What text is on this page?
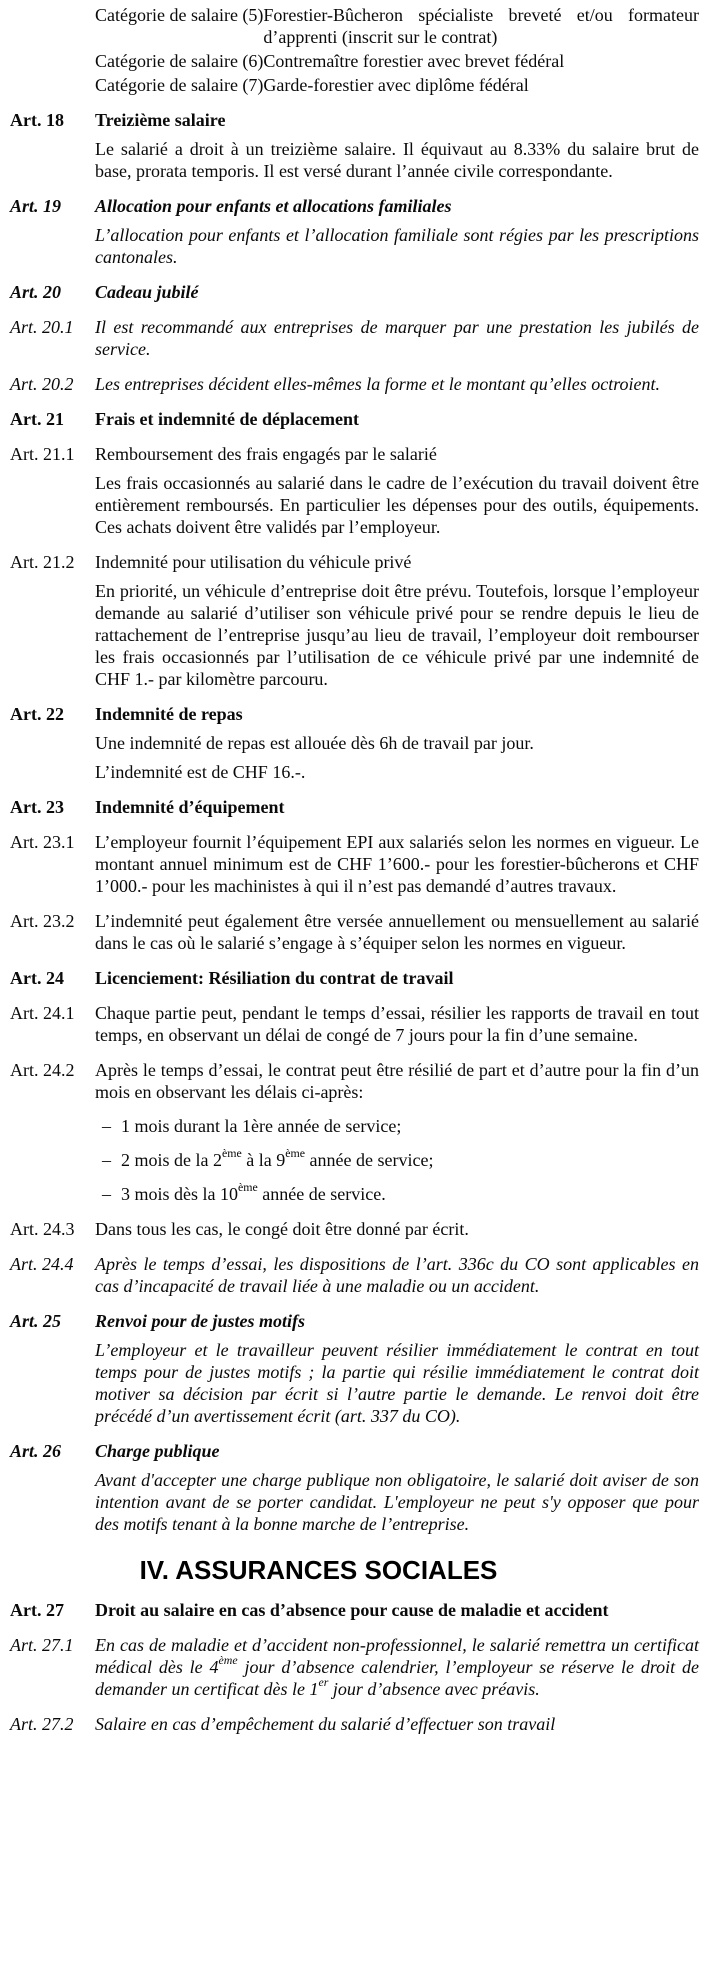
Catégorie de salaire (5) Forestier-Bûcheron spécialiste breveté et/ou formateur d’apprenti (inscrit sur le contrat)
Catégorie de salaire (6) Contremaître forestier avec brevet fédéral
Catégorie de salaire (7) Garde-forestier avec diplôme fédéral
Art. 18	Treizième salaire
Le salarié a droit à un treizième salaire. Il équivaut au 8.33% du salaire brut de base, prorata temporis. Il est versé durant l’année civile correspondante.
Art. 19	Allocation pour enfants et allocations familiales
L’allocation pour enfants et l’allocation familiale sont régies par les prescriptions cantonales.
Art. 20	Cadeau jubilé
Art. 20.1	Il est recommandé aux entreprises de marquer par une prestation les jubilés de service.
Art. 20.2	Les entreprises décident elles-mêmes la forme et le montant qu’elles octroient.
Art. 21	Frais et indemnité de déplacement
Art. 21.1	Remboursement des frais engagés par le salarié
Les frais occasionnés au salarié dans le cadre de l’exécution du travail doivent être entièrement remboursés. En particulier les dépenses pour des outils, équipements. Ces achats doivent être validés par l’employeur.
Art. 21.2	Indemnité pour utilisation du véhicule privé
En priorité, un véhicule d’entreprise doit être prévu. Toutefois, lorsque l’employeur demande au salarié d’utiliser son véhicule privé pour se rendre depuis le lieu de rattachement de l’entreprise jusqu’au lieu de travail, l’employeur doit rembourser les frais occasionnés par l’utilisation de ce véhicule privé par une indemnité de CHF 1.- par kilomètre parcouru.
Art. 22	Indemnité de repas
Une indemnité de repas est allouée dès 6h de travail par jour.
L’indemnité est de CHF 16.-.
Art. 23	Indemnité d’équipement
Art. 23.1	L’employeur fournit l’équipement EPI aux salariés selon les normes en vigueur. Le montant annuel minimum est de CHF 1’600.- pour les forestier-bûcherons et CHF 1’000.- pour les machinistes à qui il n’est pas demandé d’autres travaux.
Art. 23.2	L’indemnité peut également être versée annuellement ou mensuellement au salarié dans le cas où le salarié s’engage à s’équiper selon les normes en vigueur.
Art. 24	Licenciement: Résiliation du contrat de travail
Art. 24.1	Chaque partie peut, pendant le temps d’essai, résilier les rapports de travail en tout temps, en observant un délai de congé de 7 jours pour la fin d’une semaine.
Art. 24.2	Après le temps d’essai, le contrat peut être résilié de part et d’autre pour la fin d’un mois en observant les délais ci-après:
– 1 mois durant la 1ère année de service;
– 2 mois de la 2ème à la 9ème année de service;
– 3 mois dès la 10ème année de service.
Art. 24.3	Dans tous les cas, le congé doit être donné par écrit.
Art. 24.4	Après le temps d’essai, les dispositions de l’art. 336c du CO sont applicables en cas d’incapacité de travail liée à une maladie ou un accident.
Art. 25	Renvoi pour de justes motifs
L’employeur et le travailleur peuvent résilier immédiatement le contrat en tout temps pour de justes motifs ; la partie qui résilie immédiatement le contrat doit motiver sa décision par écrit si l’autre partie le demande. Le renvoi doit être précédé d’un avertissement écrit (art. 337 du CO).
Art. 26	Charge publique
Avant d'accepter une charge publique non obligatoire, le salarié doit aviser de son intention avant de se porter candidat. L'employeur ne peut s'y opposer que pour des motifs tenant à la bonne marche de l’entreprise.
IV. ASSURANCES SOCIALES
Art. 27	Droit au salaire en cas d’absence pour cause de maladie et accident
Art. 27.1	En cas de maladie et d’accident non-professionnel, le salarié remettra un certificat médical dès le 4ème jour d’absence calendrier, l’employeur se réserve le droit de demander un certificat dès le 1er jour d’absence avec préavis.
Art. 27.2	Salaire en cas d’empêchement du salarié d’effectuer son travail
